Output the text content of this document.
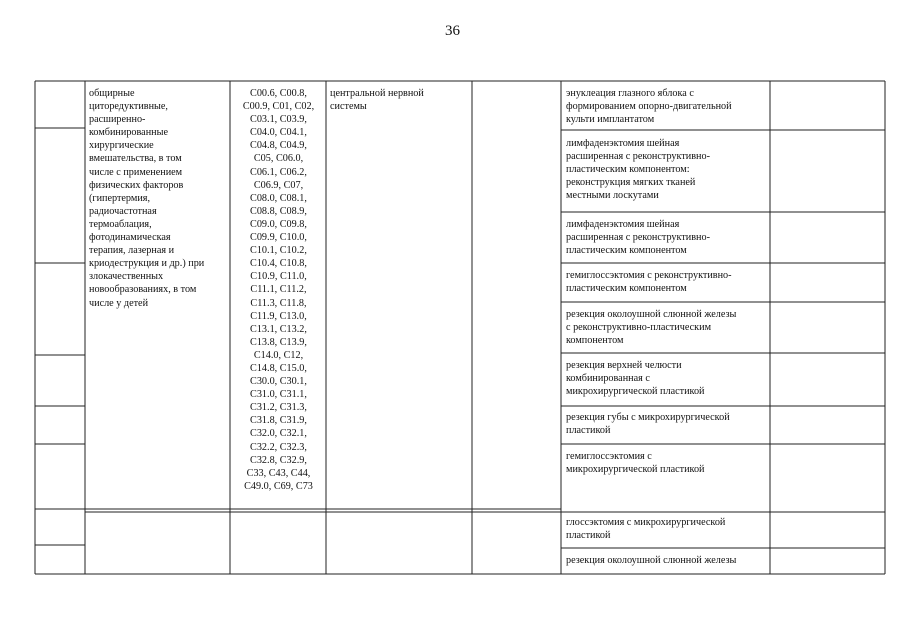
36
общирные
циторедуктивные,
расширенно-
комбинированные
хирургические
вмешательства, в том
числе с применением
физических факторов
(гипертермия,
радиочастотная
термоаблация,
фотодинамическая
терапия, лазерная и
криодеструкция и др.) при
злокачественных
новообразованиях, в том
числе у детей
C00.6, C00.8,
C00.9, C01, C02,
C03.1, C03.9,
C04.0, C04.1,
C04.8, C04.9,
C05, C06.0,
C06.1, C06.2,
C06.9, C07,
C08.0, C08.1,
C08.8, C08.9,
C09.0, C09.8,
C09.9, C10.0,
C10.1, C10.2,
C10.4, C10.8,
C10.9, C11.0,
C11.1, C11.2,
C11.3, C11.8,
C11.9, C13.0,
C13.1, C13.2,
C13.8, C13.9,
C14.0, C12,
C14.8, C15.0,
C30.0, C30.1,
C31.0, C31.1,
C31.2, C31.3,
C31.8, C31.9,
C32.0, C32.1,
C32.2, C32.3,
C32.8, C32.9,
C33, C43, C44,
C49.0, C69, C73
центральной нервной
системы
энуклеация глазного яблока с
формированием опорно-двигательной
культи имплантатом
лимфаденэктомия шейная
расширенная с реконструктивно-
пластическим компонентом:
реконструкция мягких тканей
местными лоскутами
лимфаденэктомия шейная
расширенная с реконструктивно-
пластическим компонентом
гемиглоссэктомия с реконструктивно-
пластическим компонентом
резекция околоушной слюнной железы
с реконструктивно-пластическим
компонентом
резекция верхней челюсти
комбинированная с
микрохирургической пластикой
резекция губы с микрохирургической
пластикой
гемиглоссэктомия с
микрохирургической пластикой
глоссэктомия с микрохирургической
пластикой
резекция околоушной слюнной железы
